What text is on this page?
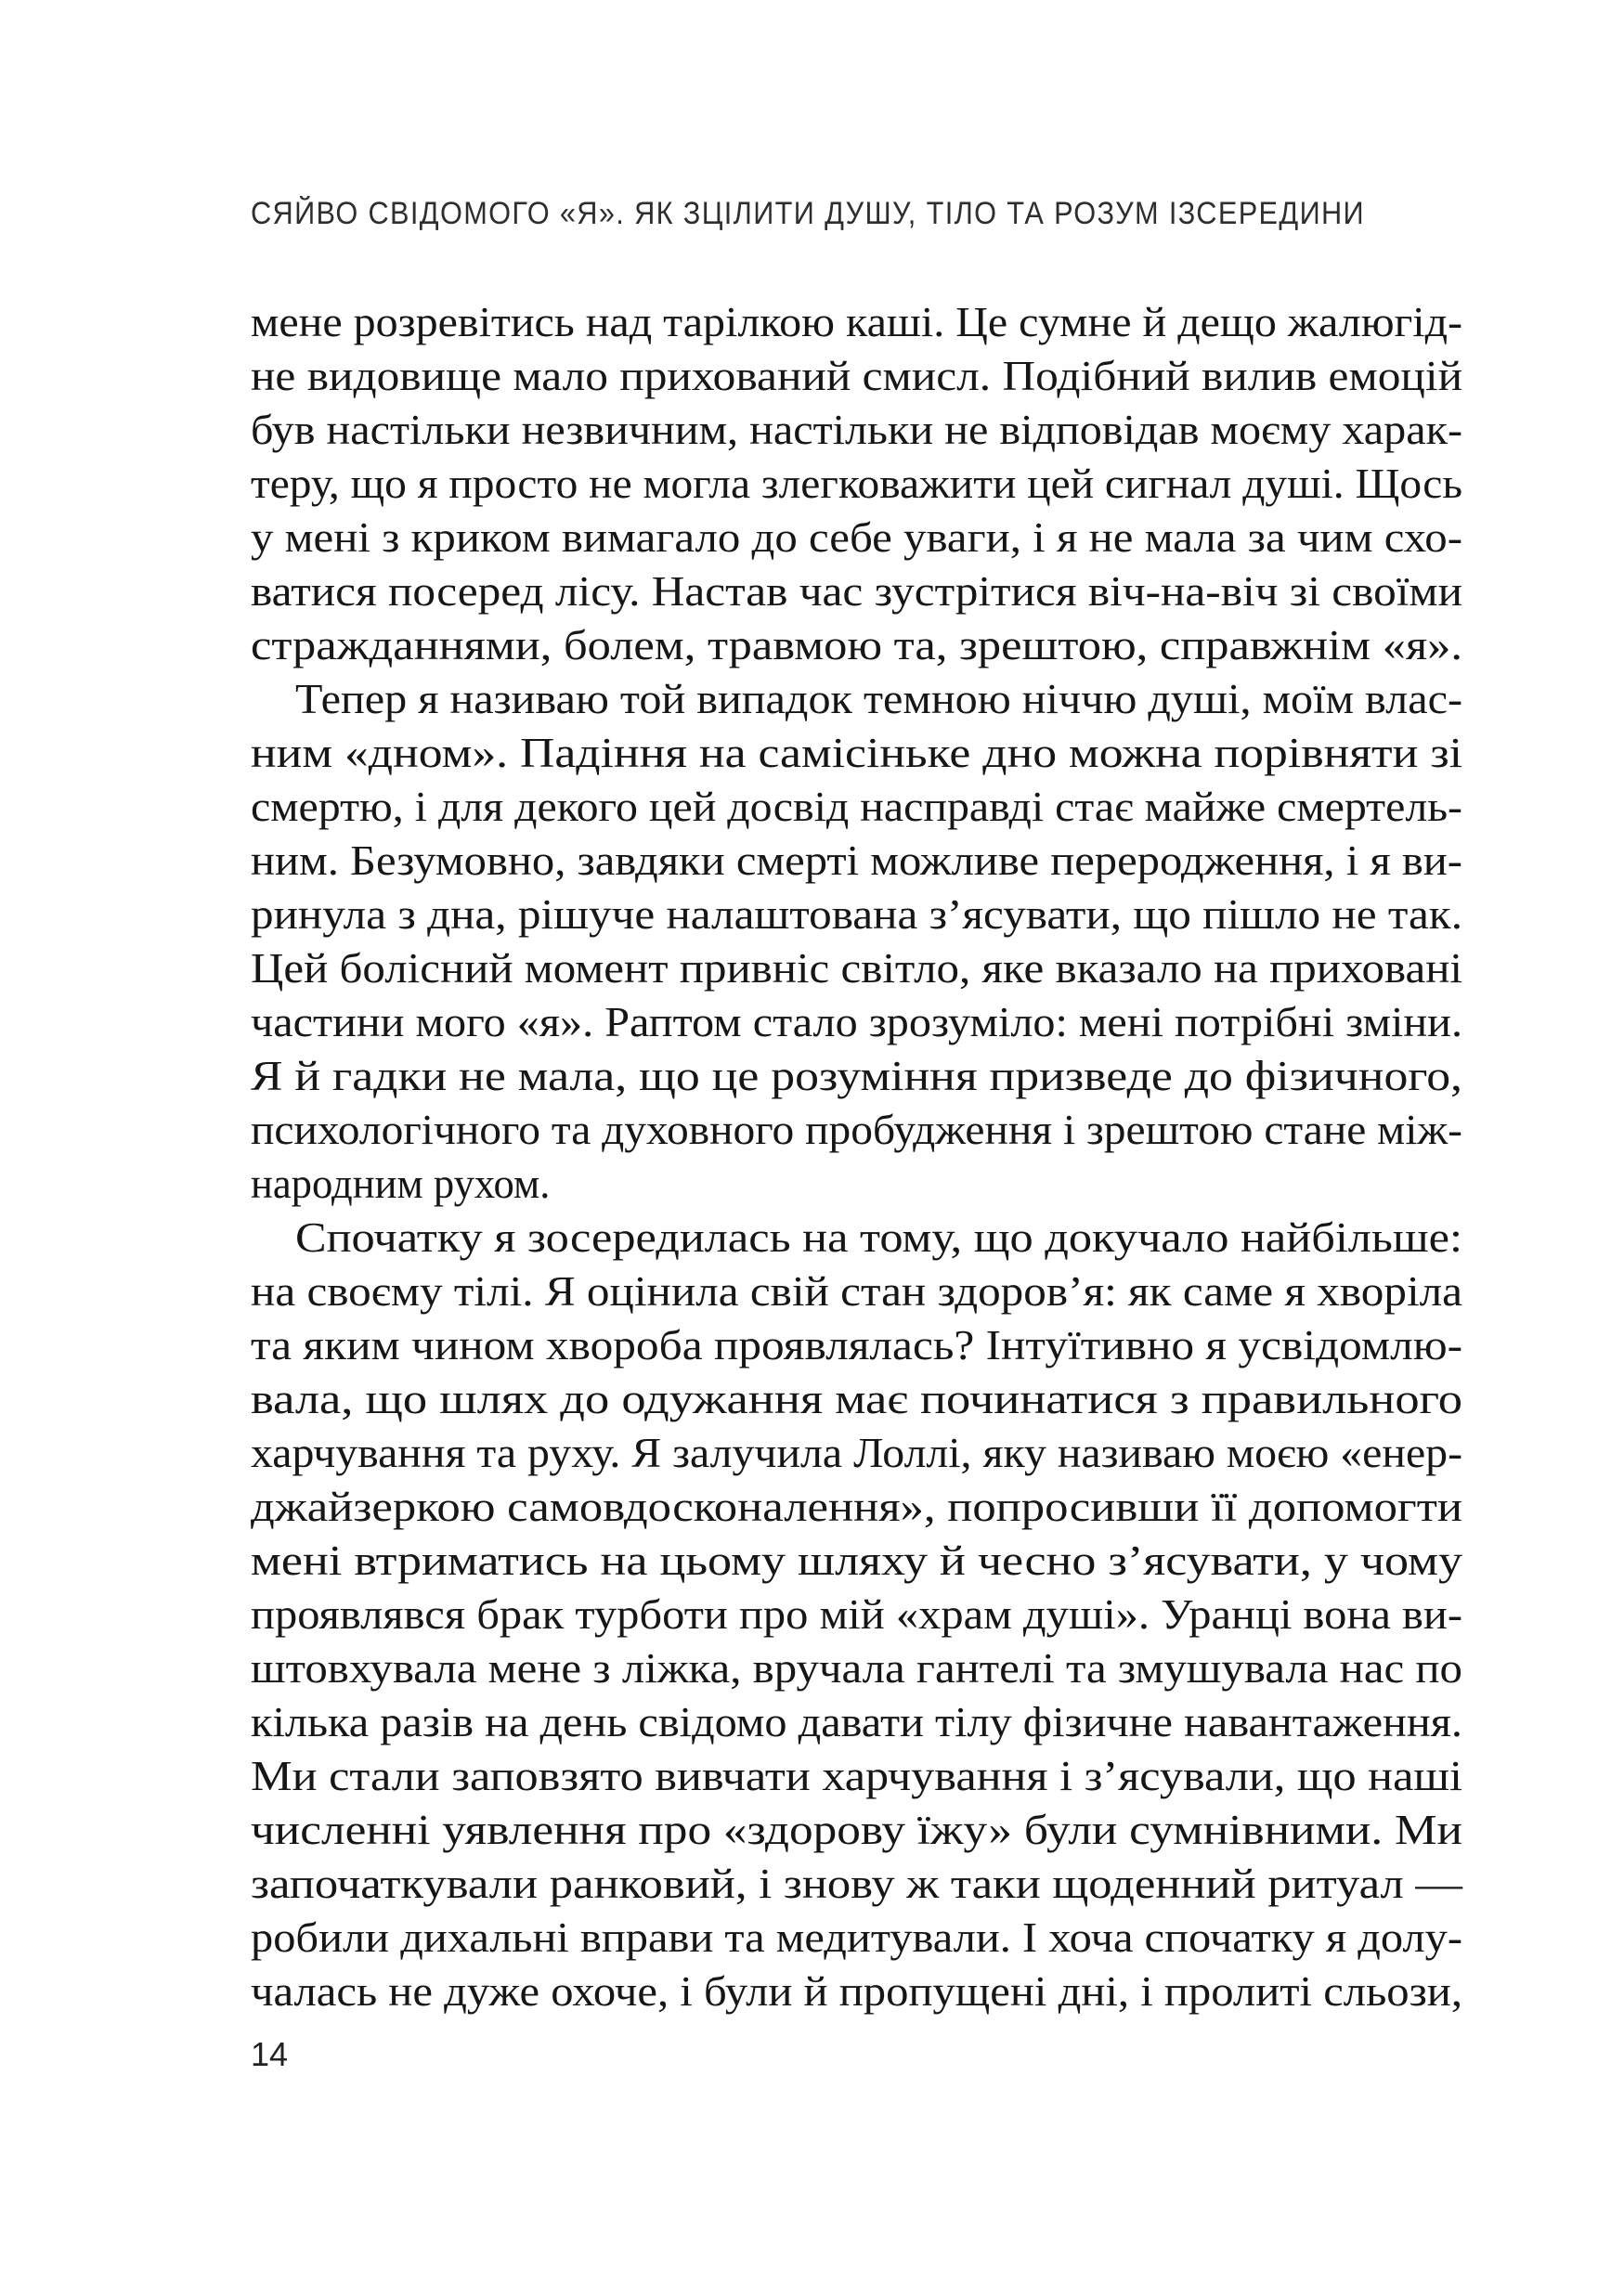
СЯЙВО СВІДОМОГО «Я». ЯК ЗЦІЛИТИ ДУШУ, ТІЛО ТА РОЗУМ ІЗСЕРЕДИНИ
мене розревітись над тарілкою каші. Це сумне й дещо жалюгід-
не видовище мало прихований смисл. Подібний вилив емоцій
був настільки незвичним, настільки не відповідав моєму харак-
теру, що я просто не могла злегковажити цей сигнал душі. Щось
у мені з криком вимагало до себе уваги, і я не мала за чим схо-
ватися посеред лісу. Настав час зустрітися віч-на-віч зі своїми
стражданнями, болем, травмою та, зрештою, справжнім «я».
Тепер я називаю той випадок темною ніччю душі, моїм влас-
ним «дном». Падіння на самісіньке дно можна порівняти зі
смертю, і для декого цей досвід насправді стає майже смертель-
ним. Безумовно, завдяки смерті можливе переродження, і я ви-
ринула з дна, рішуче налаштована з’ясувати, що пішло не так.
Цей болісний момент привніс світло, яке вказало на приховані
частини мого «я». Раптом стало зрозуміло: мені потрібні зміни.
Я й гадки не мала, що це розуміння призведе до фізичного,
психологічного та духовного пробудження і зрештою стане між-
народним рухом.
Спочатку я зосередилась на тому, що докучало найбільше:
на своєму тілі. Я оцінила свій стан здоров’я: як саме я хворіла
та яким чином хвороба проявлялась? Інтуїтивно я усвідомлю-
вала, що шлях до одужання має починатися з правильного
харчування та руху. Я залучила Лоллі, яку називаю моєю «енер-
джайзеркою самовдосконалення», попросивши її допомогти
мені втриматись на цьому шляху й чесно з’ясувати, у чому
проявлявся брак турботи про мій «храм душі». Уранці вона ви-
штовхувала мене з ліжка, вручала гантелі та змушувала нас по
кілька разів на день свідомо давати тілу фізичне навантаження.
Ми стали заповзято вивчати харчування і з’ясували, що наші
численні уявлення про «здорову їжу» були сумнівними. Ми
започаткували ранковий, і знову ж таки щоденний ритуал —
робили дихальні вправи та медитували. І хоча спочатку я долу-
чалась не дуже охоче, і були й пропущені дні, і пролиті сльози,
14
